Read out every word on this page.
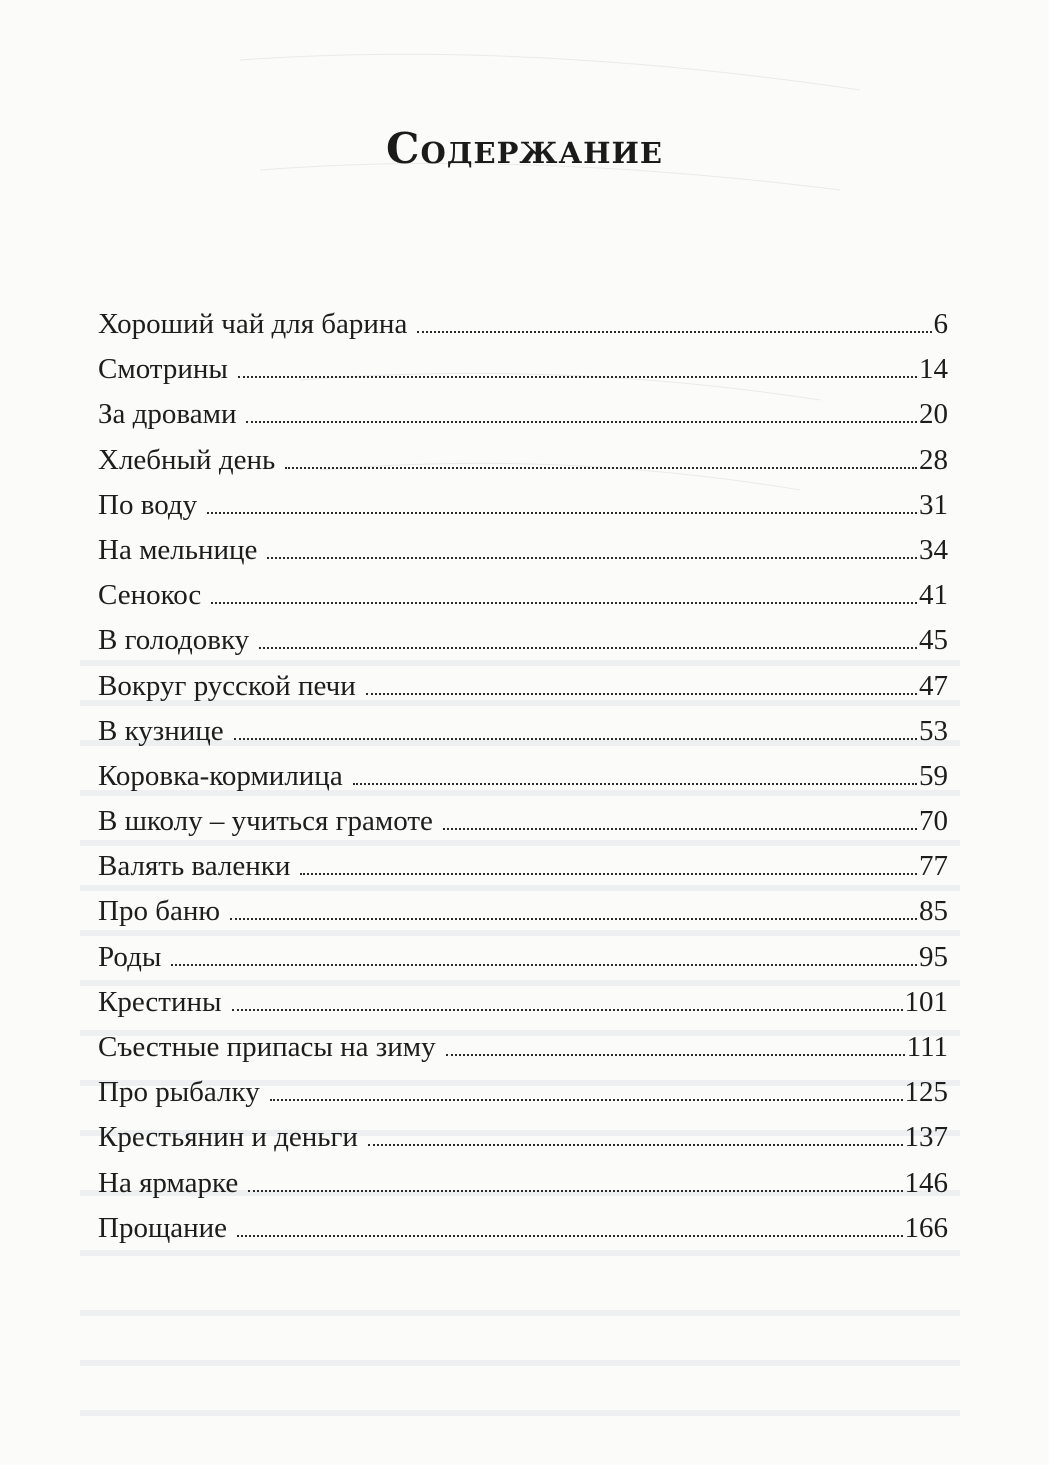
Содержание
Хороший чай для барина	6
Смотрины	14
За дровами	20
Хлебный день	28
По воду	31
На мельнице	34
Сенокос	41
В голодовку	45
Вокруг русской печи	47
В кузнице	53
Коровка-кормилица	59
В школу – учиться грамоте	70
Валять валенки	77
Про баню	85
Роды	95
Крестины	101
Съестные припасы на зиму	111
Про рыбалку	125
Крестьянин и деньги	137
На ярмарке	146
Прощание	166
